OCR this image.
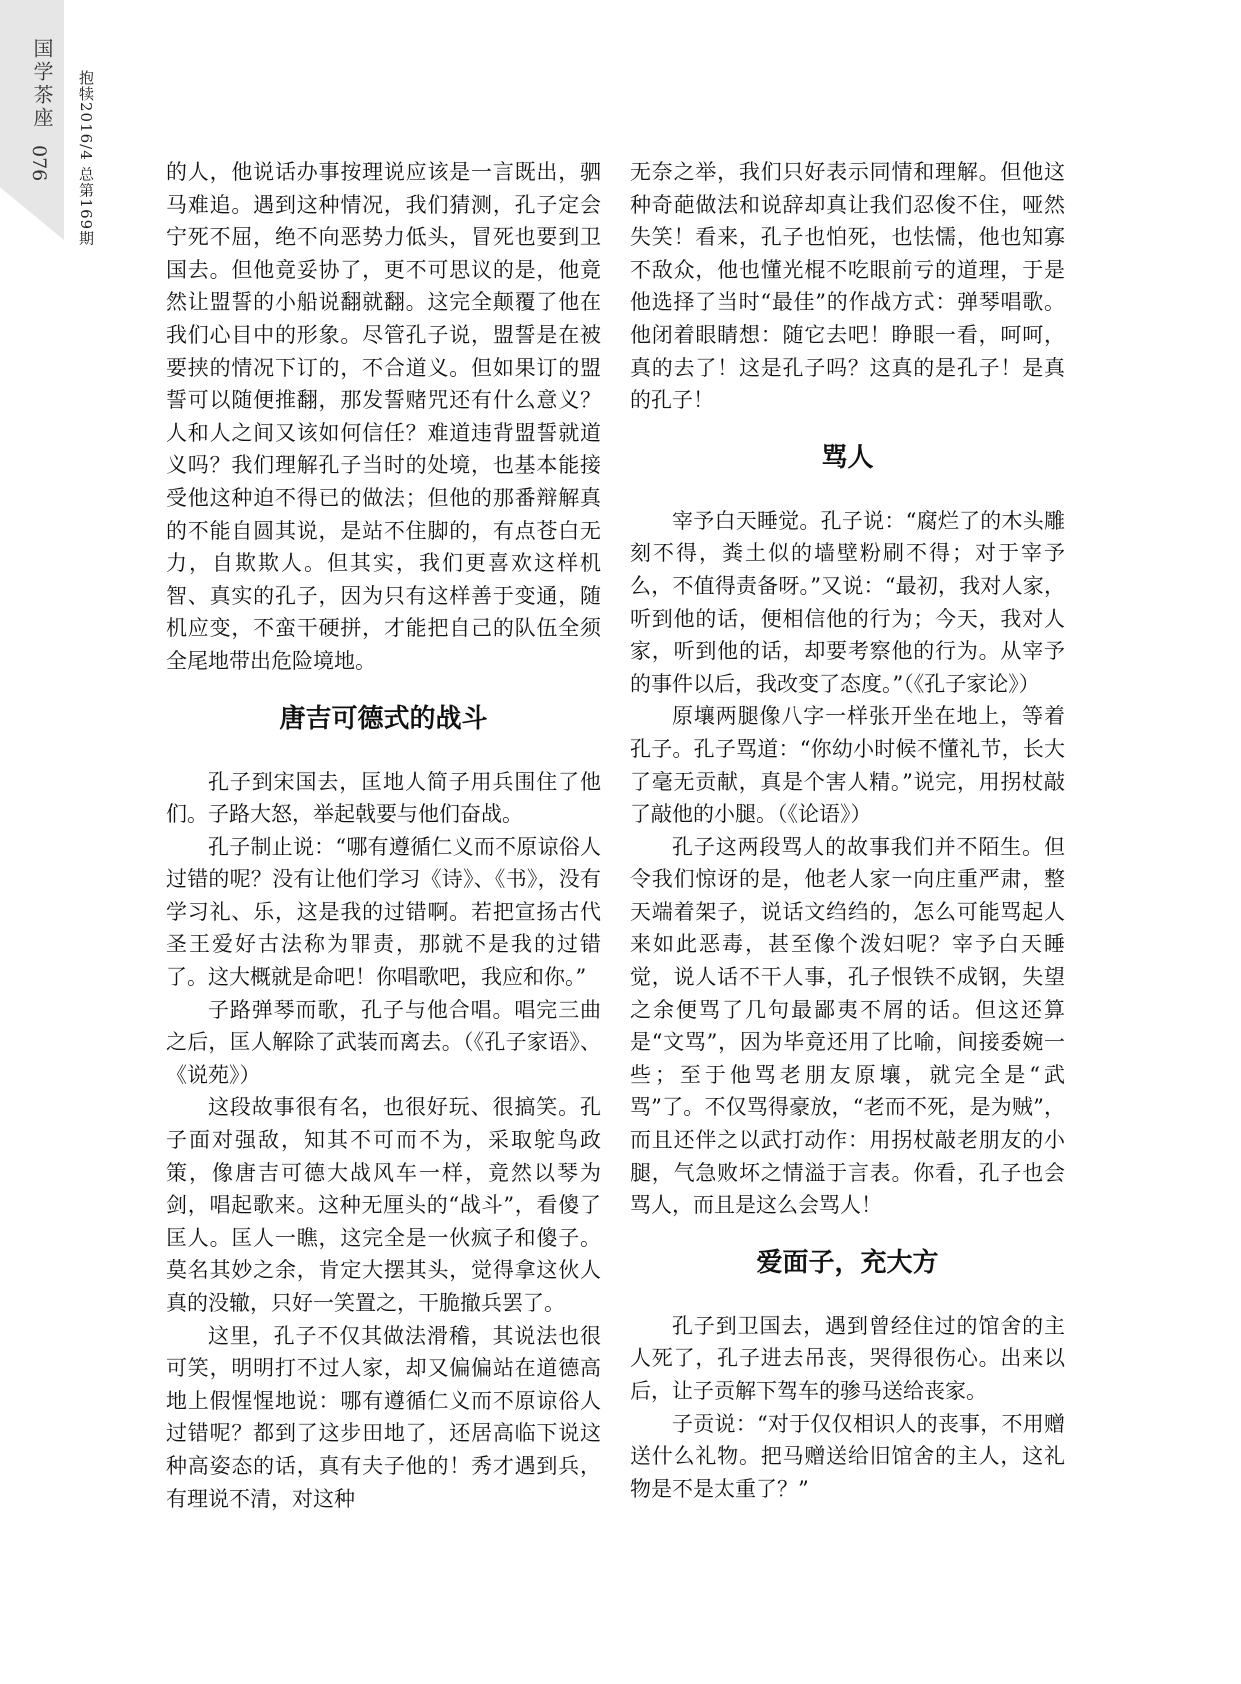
国学茶座
076 抱犊2016/4 总第169期	的人，他说话办事按理说应该是一言既出，驷马难追。遇到这种情况，我们猜测，孔子定会宁死不屈，绝不向恶势力低头，冒死也要到卫国去。但他竟妥协了，更不可思议的是，他竟然让盟誓的小船说翻就翻。这完全颠覆了他在我们心目中的形象。尽管孔子说，盟誓是在被要挟的情况下订的，不合道义。但如果订的盟誓可以随便推翻，那发誓赌咒还有什么意义？人和人之间又该如何信任？难道违背盟誓就道义吗？我们理解孔子当时的处境，也基本能接受他这种迫不得已的做法；但他的那番辩解真的不能自圆其说，是站不住脚的，有点苍白无力，自欺欺人。但其实，我们更喜欢这样机智、真实的孔子，因为只有这样善于变通，随机应变，不蛮干硬拼，才能把自己的队伍全须全尾地带出危险境地。

唐吉可德式的战斗

孔子到宋国去，匡地人简子用兵围住了他们。子路大怒，举起戟要与他们奋战。

孔子制止说：“哪有遵循仁义而不原谅俗人过错的呢？没有让他们学习《诗》、《书》，没有学习礼、乐，这是我的过错啊。若把宣扬古代圣王爱好古法称为罪责，那就不是我的过错了。这大概就是命吧！你唱歌吧，我应和你。”

子路弹琴而歌，孔子与他合唱。唱完三曲之后，匡人解除了武装而离去。（《孔子家语》、《说苑》）

这段故事很有名，也很好玩、很搞笑。孔子面对强敌，知其不可而不为，采取鸵鸟政策，像唐吉可德大战风车一样，竟然以琴为剑，唱起歌来。这种无厘头的“战斗”，看傻了匡人。匡人一瞧，这完全是一伙疯子和傻子。莫名其妙之余，肯定大摆其头，觉得拿这伙人真的没辙，只好一笑置之，干脆撤兵罢了。

这里，孔子不仅其做法滑稽，其说法也很可笑，明明打不过人家，却又偏偏站在道德高地上假惺惺地说：哪有遵循仁义而不原谅俗人过错呢？都到了这步田地了，还居高临下说这种高姿态的话，真有夫子他的！秀才遇到兵，有理说不清，对这种

无奈之举，我们只好表示同情和理解。但他这种奇葩做法和说辞却真让我们忍俊不住，哑然失笑！看来，孔子也怕死，也怯懦，他也知寡不敌众，他也懂光棍不吃眼前亏的道理，于是他选择了当时“最佳”的作战方式：弹琴唱歌。他闭着眼睛想：随它去吧！睁眼一看，呵呵，真的去了！这是孔子吗？这真的是孔子！是真的孔子！

骂人

宰予白天睡觉。孔子说：“腐烂了的木头雕刻不得，粪土似的墙壁粉刷不得；对于宰予么，不值得责备呀。”又说：“最初，我对人家，听到他的话，便相信他的行为；今天，我对人家，听到他的话，却要考察他的行为。从宰予的事件以后，我改变了态度。”（《孔子家论》）

原壤两腿像八字一样张开坐在地上，等着孔子。孔子骂道：“你幼小时候不懂礼节，长大了毫无贡献，真是个害人精。”说完，用拐杖敲了敲他的小腿。（《论语》）

孔子这两段骂人的故事我们并不陌生。但令我们惊讶的是，他老人家一向庄重严肃，整天端着架子，说话文绉绉的，怎么可能骂起人来如此恶毒，甚至像个泼妇呢？宰予白天睡觉，说人话不干人事，孔子恨铁不成钢，失望之余便骂了几句最鄙夷不屑的话。但这还算是“文骂”，因为毕竟还用了比喻，间接委婉一些；至于他骂老朋友原壤，就完全是“武骂”了。不仅骂得豪放，“老而不死，是为贼”，而且还伴之以武打动作：用拐杖敲老朋友的小腿，气急败坏之情溢于言表。你看，孔子也会骂人，而且是这么会骂人！

爱面子，充大方

孔子到卫国去，遇到曾经住过的馆舍的主人死了，孔子进去吊丧，哭得很伤心。出来以后，让子贡解下驾车的骖马送给丧家。

子贡说：“对于仅仅相识人的丧事，不用赠送什么礼物。把马赠送给旧馆舍的主人，这礼物是不是太重了？”
